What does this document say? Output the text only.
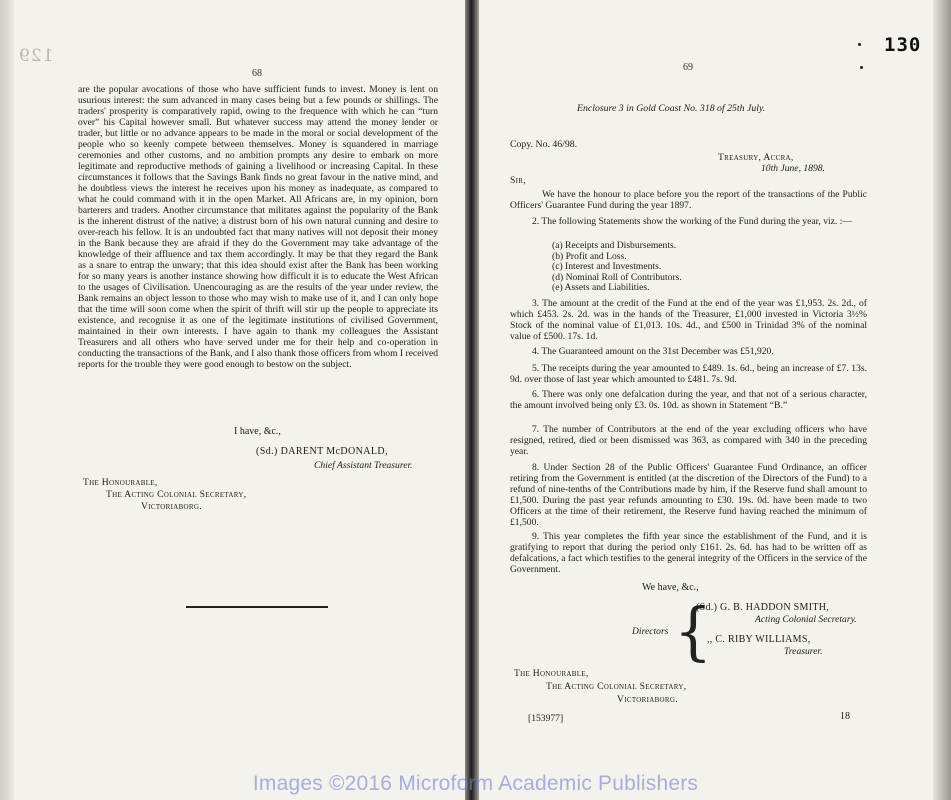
129
68

are the popular avocations of those who have sufficient funds to invest. Money is lent on usurious interest: the sum advanced in many cases being but a few pounds or shillings. The traders' prosperity is comparatively rapid, owing to the frequence with which he can “turn over” his Capital however small. But whatever success may attend the money lender or trader, but little or no advance appears to be made in the moral or social development of the people who so keenly compete between themselves. Money is squandered in marriage ceremonies and other customs, and no ambition prompts any desire to embark on more legitimate and reproductive methods of gaining a livelihood or increasing Capital. In these circumstances it follows that the Savings Bank finds no great favour in the native mind, and he doubtless views the interest he receives upon his money as inadequate, as compared to what he could command with it in the open Market. All Africans are, in my opinion, born barterers and traders. Another circumstance that militates against the popularity of the Bank is the inherent distrust of the native; a distrust born of his own natural cunning and desire to over-reach his fellow. It is an undoubted fact that many natives will not deposit their money in the Bank because they are afraid if they do the Government may take advantage of the knowledge of their affluence and tax them accordingly. It may be that they regard the Bank as a snare to entrap the unwary; that this idea should exist after the Bank has been working for so many years is another instance showing how difficult it is to educate the West African to the usages of Civilisation. Unencouraging as are the results of the year under review, the Bank remains an object lesson to those who may wish to make use of it, and I can only hope that the time will soon come when the spirit of thrift will stir up the people to appreciate its existence, and recognise it as one of the legitimate institutions of civilised Government, maintained in their own interests. I have again to thank my colleagues the Assistant Treasurers and all others who have served under me for their help and co-operation in conducting the transactions of the Bank, and I also thank those officers from whom I received reports for the trouble they were good enough to bestow on the subject.

I have, &c.,
(Sd.) DARENT McDONALD,
Chief Assistant Treasurer.
The Honourable,
The Acting Colonial Secretary,
Victoriaborg.
130
69
Enclosure 3 in Gold Coast No. 318 of 25th July.
Copy. No. 46/98.
Treasury, Accra,
10th June, 1898.
Sir,
We have the honour to place before you the report of the transactions of the Public Officers' Guarantee Fund during the year 1897.
2. The following Statements show the working of the Fund during the year, viz. :—
(a) Receipts and Disbursements.
(b) Profit and Loss.
(c) Interest and Investments.
(d) Nominal Roll of Contributors.
(e) Assets and Liabilities.
3. The amount at the credit of the Fund at the end of the year was £1,953. 2s. 2d., of which £453. 2s. 2d. was in the hands of the Treasurer, £1,000 invested in Victoria 3½% Stock of the nominal value of £1,013. 10s. 4d., and £500 in Trinidad 3% of the nominal value of £500. 17s. 1d.
4. The Guaranteed amount on the 31st December was £51,920.
5. The receipts during the year amounted to £489. 1s. 6d., being an increase of £7. 13s. 9d. over those of last year which amounted to £481. 7s. 9d.
6. There was only one defalcation during the year, and that not of a serious character, the amount involved being only £3. 0s. 10d. as shown in Statement “B.”
7. The number of Contributors at the end of the year excluding officers who have resigned, retired, died or been dismissed was 363, as compared with 340 in the preceding year.
8. Under Section 28 of the Public Officers' Guarantee Fund Ordinance, an officer retiring from the Government is entitled (at the discretion of the Directors of the Fund) to a refund of nine-tenths of the Contributions made by him, if the Reserve fund shall amount to £1,500. During the past year refunds amounting to £30. 19s. 0d. have been made to two Officers at the time of their retirement, the Reserve fund having reached the minimum of £1,500.
9. This year completes the fifth year since the establishment of the Fund, and it is gratifying to report that during the period only £161. 2s. 6d. has had to be written off as defalcations, a fact which testifies to the general integrity of the Officers in the service of the Government.
We have, &c.,
Directors {
(Sd.) G. B. HADDON SMITH,
Acting Colonial Secretary.
,, C. RIBY WILLIAMS,
Treasurer.
The Honourable,
The Acting Colonial Secretary,
Victoriaborg.
[153977]	18
Images ©2016 Microform Academic Publishers
